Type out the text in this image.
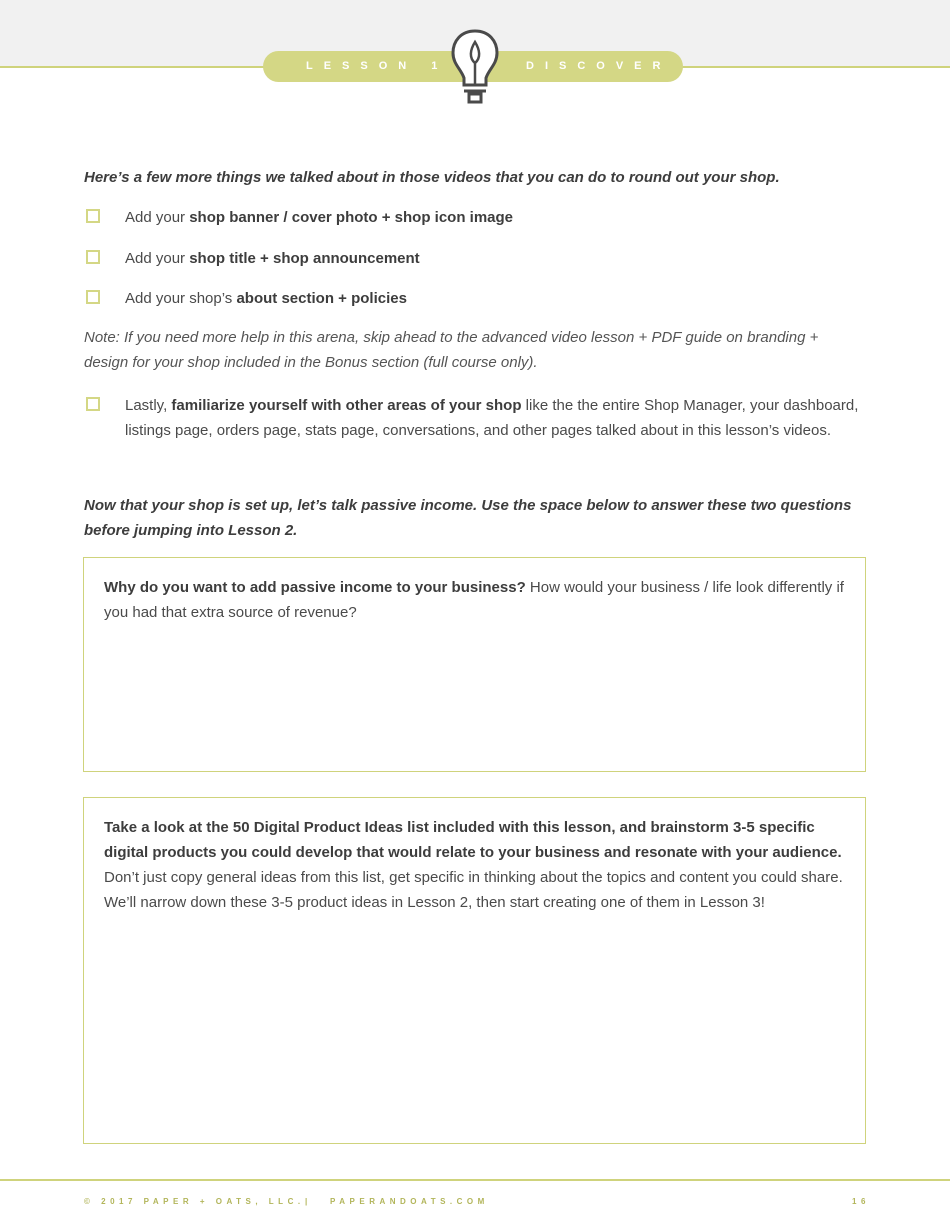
LESSON 1	DISCOVER
Here’s a few more things we talked about in those videos that you can do to round out your shop.
Add your shop banner / cover photo + shop icon image
Add your shop title + shop announcement
Add your shop’s about section + policies
Note: If you need more help in this arena, skip ahead to the advanced video lesson + PDF guide on branding + design for your shop included in the Bonus section (full course only).
Lastly, familiarize yourself with other areas of your shop like the the entire Shop Manager, your dashboard, listings page, orders page, stats page, conversations, and other pages talked about in this lesson’s videos.
Now that your shop is set up, let’s talk passive income. Use the space below to answer these two questions before jumping into Lesson 2.
Why do you want to add passive income to your business? How would your business / life look differently if you had that extra source of revenue?
Take a look at the 50 Digital Product Ideas list included with this lesson, and brainstorm 3-5 specific digital products you could develop that would relate to your business and resonate with your audience. Don’t just copy general ideas from this list, get specific in thinking about the topics and content you could share. We’ll narrow down these 3-5 product ideas in Lesson 2, then start creating one of them in Lesson 3!
© 2017 PAPER + OATS, LLC. | PAPERANDOATS.COM	16
